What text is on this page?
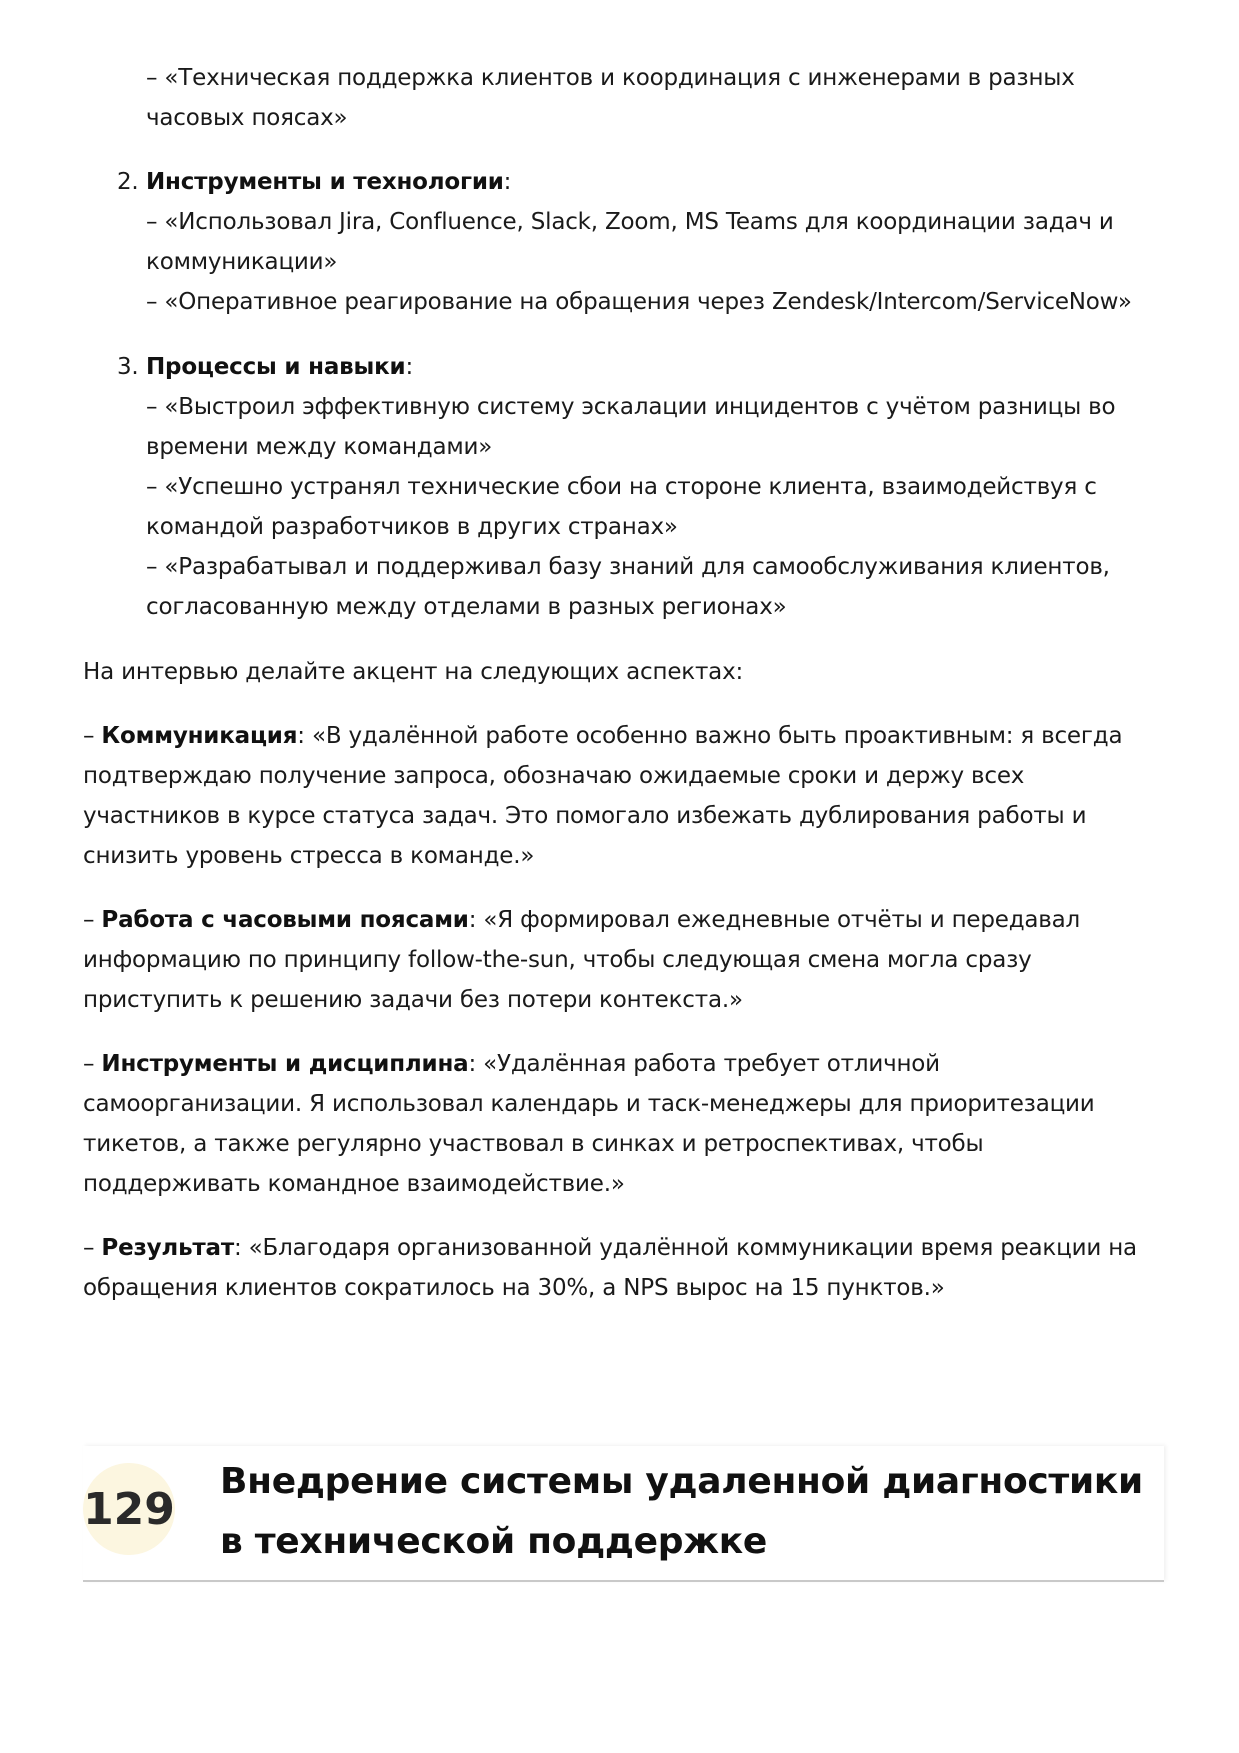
– «Техническая поддержка клиентов и координация с инженерами в разных часовых поясах»

2. Инструменты и технологии:

– «Использовал Jira, Confluence, Slack, Zoom, MS Teams для координации задач и коммуникации»

– «Оперативное реагирование на обращения через Zendesk/Intercom/ServiceNow»

3. Процессы и навыки:

– «Выстроил эффективную систему эскалации инцидентов с учётом разницы во времени между командами»

– «Успешно устранял технические сбои на стороне клиента, взаимодействуя с командой разработчиков в других странах»

– «Разрабатывал и поддерживал базу знаний для самообслуживания клиентов, согласованную между отделами в разных регионах»

На интервью делайте акцент на следующих аспектах:

– Коммуникация: «В удалённой работе особенно важно быть проактивным: я всегда подтверждаю получение запроса, обозначаю ожидаемые сроки и держу всех участников в курсе статуса задач. Это помогало избежать дублирования работы и снизить уровень стресса в команде.»

– Работа с часовыми поясами: «Я формировал ежедневные отчёты и передавал информацию по принципу follow-the-sun, чтобы следующая смена могла сразу приступить к решению задачи без потери контекста.»

– Инструменты и дисциплина: «Удалённая работа требует отличной самоорганизации. Я использовал календарь и таск-менеджеры для приоритезации тикетов, а также регулярно участвовал в синках и ретроспективах, чтобы поддерживать командное взаимодействие.»

– Результат: «Благодаря организованной удалённой коммуникации время реакции на обращения клиентов сократилось на 30%, а NPS вырос на 15 пунктов.»

129
Внедрение системы удаленной диагностики в технической поддержке
